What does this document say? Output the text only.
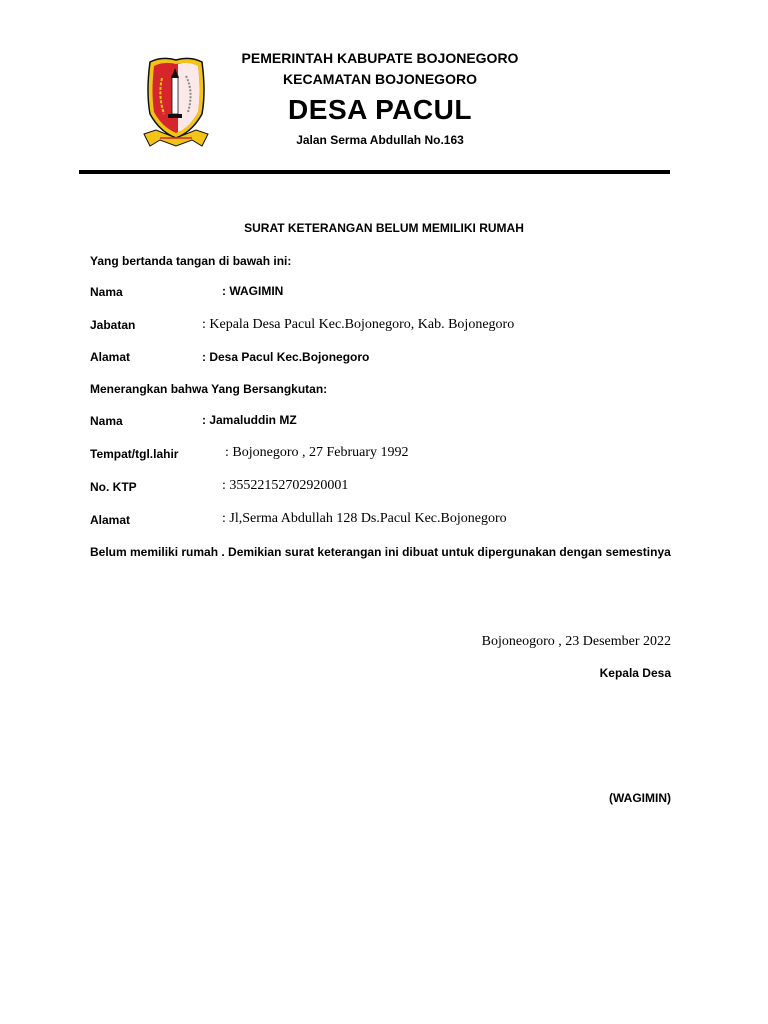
PEMERINTAH KABUPATE BOJONEGORO
KECAMATAN BOJONEGORO
DESA PACUL
Jalan Serma Abdullah No.163
SURAT KETERANGAN BELUM MEMILIKI RUMAH
Yang bertanda tangan di bawah ini:
Nama	: WAGIMIN
Jabatan	: Kepala Desa Pacul Kec.Bojonegoro, Kab. Bojonegoro
Alamat	: Desa Pacul Kec.Bojonegoro
Menerangkan bahwa Yang Bersangkutan:
Nama	: Jamaluddin MZ
Tempat/tgl.lahir	: Bojonegoro , 27 February 1992
No. KTP	: 35522152702920001
Alamat	: Jl,Serma Abdullah 128 Ds.Pacul Kec.Bojonegoro
Belum memiliki rumah . Demikian surat keterangan ini dibuat untuk dipergunakan dengan semestinya
Bojoneogoro , 23 Desember 2022
Kepala Desa
(WAGIMIN)
